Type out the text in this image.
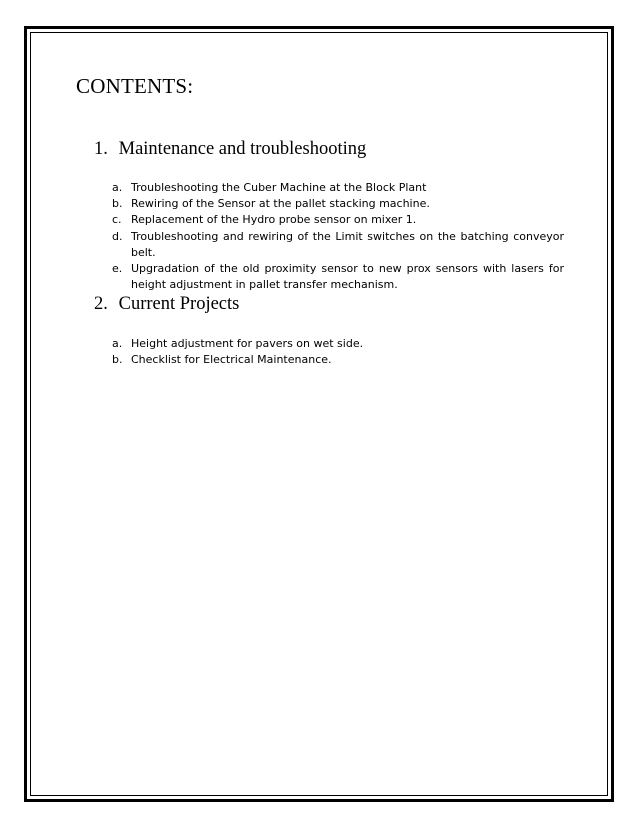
CONTENTS:
1. Maintenance and troubleshooting
a. Troubleshooting the Cuber Machine at the Block Plant
b. Rewiring of the Sensor at the pallet stacking machine.
c. Replacement of the Hydro probe sensor on mixer 1.
d. Troubleshooting and rewiring of the Limit switches on the batching conveyor belt.
e. Upgradation of the old proximity sensor to new prox sensors with lasers for height adjustment in pallet transfer mechanism.
2. Current Projects
a. Height adjustment for pavers on wet side.
b. Checklist for Electrical Maintenance.
